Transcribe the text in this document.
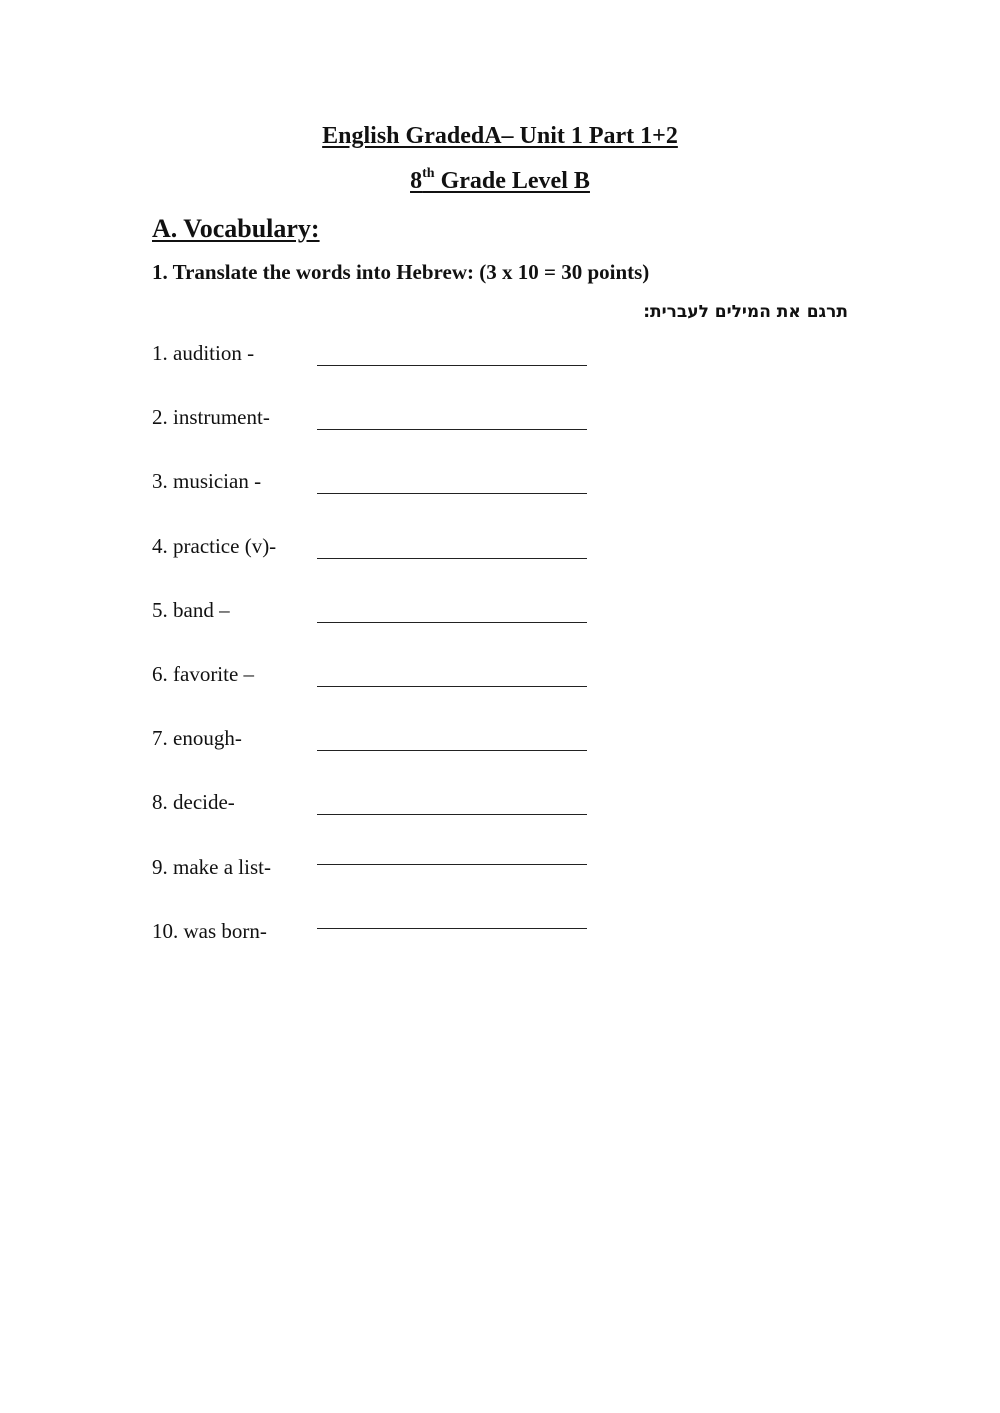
English GradedA– Unit 1 Part 1+2
8th Grade Level B
A. Vocabulary:
1. Translate the words into Hebrew: (3 x 10 = 30 points)
תרגם את המילים לעברית:
1. audition -
2. instrument-
3. musician -
4. practice (v)-
5. band –
6. favorite –
7. enough-
8. decide-
9. make a list-
10. was born-
